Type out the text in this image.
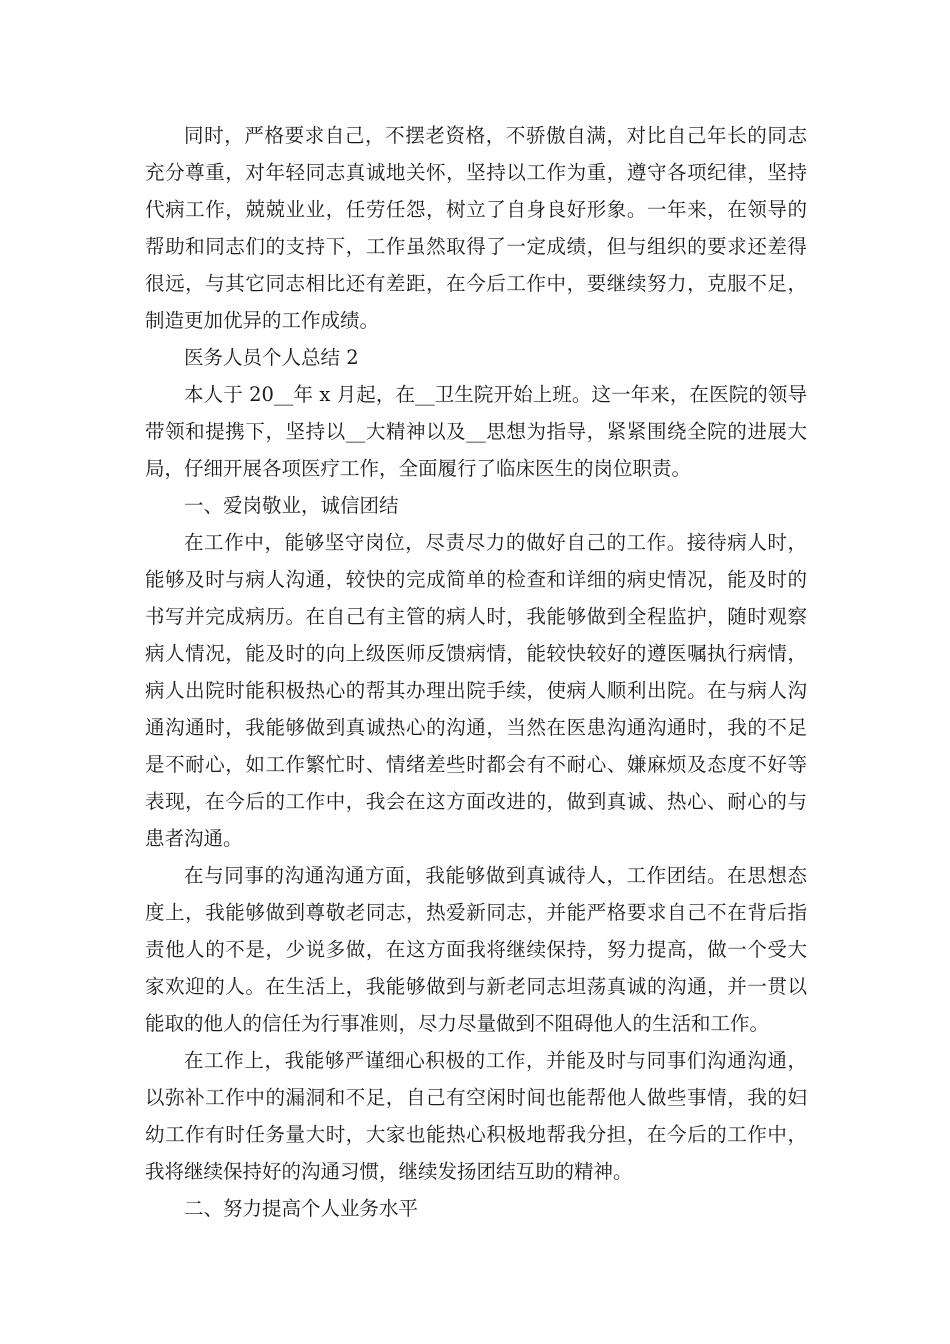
同时，严格要求自己，不摆老资格，不骄傲自满，对比自己年长的同志充分尊重，对年轻同志真诚地关怀，坚持以工作为重，遵守各项纪律，坚持代病工作，兢兢业业，任劳任怨，树立了自身良好形象。一年来，在领导的帮助和同志们的支持下，工作虽然取得了一定成绩，但与组织的要求还差得很远，与其它同志相比还有差距，在今后工作中，要继续努力，克服不足，制造更加优异的工作成绩。

医务人员个人总结 2

本人于 20__年 x 月起，在__卫生院开始上班。这一年来，在医院的领导带领和提携下，坚持以__大精神以及__思想为指导，紧紧围绕全院的进展大局，仔细开展各项医疗工作，全面履行了临床医生的岗位职责。

一、爱岗敬业，诚信团结

在工作中，能够坚守岗位，尽责尽力的做好自己的工作。接待病人时，能够及时与病人沟通，较快的完成简单的检查和详细的病史情况，能及时的书写并完成病历。在自己有主管的病人时，我能够做到全程监护，随时观察病人情况，能及时的向上级医师反馈病情，能较快较好的遵医嘱执行病情，病人出院时能积极热心的帮其办理出院手续，使病人顺利出院。在与病人沟通沟通时，我能够做到真诚热心的沟通，当然在医患沟通沟通时，我的不足是不耐心，如工作繁忙时、情绪差些时都会有不耐心、嫌麻烦及态度不好等表现，在今后的工作中，我会在这方面改进的，做到真诚、热心、耐心的与患者沟通。

在与同事的沟通沟通方面，我能够做到真诚待人，工作团结。在思想态度上，我能够做到尊敬老同志，热爱新同志，并能严格要求自己不在背后指责他人的不是，少说多做，在这方面我将继续保持，努力提高，做一个受大家欢迎的人。在生活上，我能够做到与新老同志坦荡真诚的沟通，并一贯以能取的他人的信任为行事准则，尽力尽量做到不阻碍他人的生活和工作。

在工作上，我能够严谨细心积极的工作，并能及时与同事们沟通沟通，以弥补工作中的漏洞和不足，自己有空闲时间也能帮他人做些事情，我的妇幼工作有时任务量大时，大家也能热心积极地帮我分担，在今后的工作中，我将继续保持好的沟通习惯，继续发扬团结互助的精神。

二、努力提高个人业务水平
